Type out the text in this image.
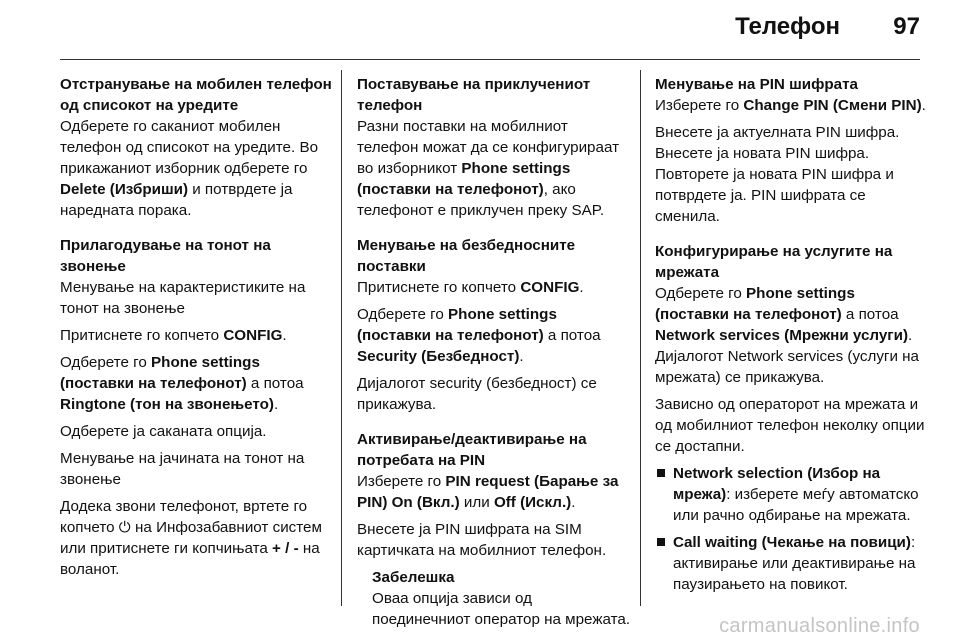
Телефон 97
Отстранување на мобилен телефон од списокот на уредите

Одберете го саканиот мобилен телефон од списокот на уредите. Во прикажаниот изборник одберете го Delete (Избриши) и потврдете ја наредната порака.

Прилагодување на тонот на звонење

Менување на карактеристиките на тонот на звонење

Притиснете го копчето CONFIG.

Одберете го Phone settings (поставки на телефонот) а потоа Ringtone (тон на звонењето).

Одберете ја саканата опција.

Менување на јачината на тонот на звонење

Додека звони телефонот, вртете го копчето ⏻ на Инфозабавниот систем или притиснете ги копчињата + / - на воланот.

Поставување на приклучениот телефон

Разни поставки на мобилниот телефон можат да се конфигурираат во изборникот Phone settings (поставки на телефонот), ако телефонот е приклучен преку SAP.

Менување на безбедносните поставки

Притиснете го копчето CONFIG.

Одберете го Phone settings (поставки на телефонот) а потоа Security (Безбедност).

Дијалогот security (безбедност) се прикажува.

Активирање/деактивирање на потребата на PIN

Изберете го PIN request (Барање за PIN) On (Вкл.) или Off (Искл.).

Внесете ја PIN шифрата на SIM картичката на мобилниот телефон.

Забелешка

Оваа опција зависи од поединечниот оператор на мрежата.

Менување на PIN шифрата

Изберете го Change PIN (Смени PIN).

Внесете ја актуелната PIN шифра. Внесете ја новата PIN шифра. Повторете ја новата PIN шифра и потврдете ја. PIN шифрата се сменила.

Конфигурирање на услугите на мрежата

Одберете го Phone settings (поставки на телефонот) а потоа Network services (Мрежни услуги). Дијалогот Network services (услуги на мрежата) се прикажува.

Зависно од операторот на мрежата и од мобилниот телефон неколку опции се достапни.

Network selection (Избор на мрежа): изберете меѓу автоматско или рачно одбирање на мрежата.
Call waiting (Чекање на повици): активирање или деактивирање на паузирањето на повикот.
carmanualsonline.info
